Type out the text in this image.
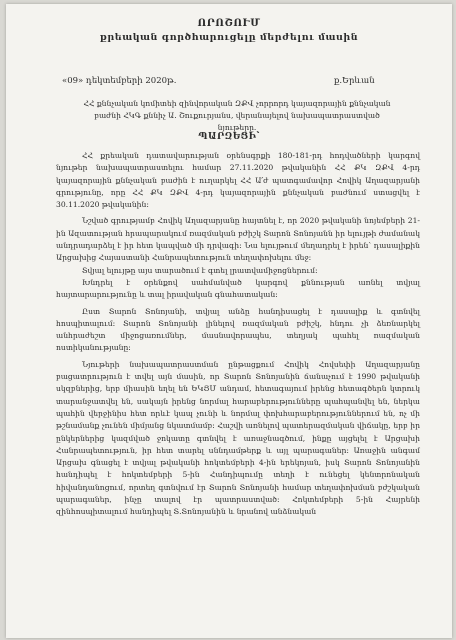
ՈՐՈՇՈՒՄ
քրեական գործհարուցելը մերժելու մասին
«09» դեկտեմբերի 2020թ.	ք.Երևան
ՀՀ քննչական կոմիտեի զինվորական ԶՔՎ չորրորդ կայազորային քննչական բաժնի ՀԿԳ քննիչ Ա. Շուքուրյանս, վերանայելով նախապատրաստված նյութերը.
ՊԱՐԶԵՑԻ՝

ՀՀ քրեական դատավարության օրենսգրքի 180-181-րդ հոդվածների կարգով նյութեր նախապատրաստելու համար 27.11.2020 թվականին ՀՀ ՔԿ ԶՔՎ 4-րդ կայազորային քննչական բաժին է ուղարկել ՀՀ Ա՛ժ պատգամավոր Հովիկ Աղազարյանի գրությունը, որը ՀՀ ՔԿ ԶՔՎ 4-րդ կայազորային քննչական բաժնում ստացվել է 30.11.2020 թվականին:

Նշված գրությամբ Հովիկ Աղազարյանը հայտնել է, որ 2020 թվականի նոյեմբերի 21-ին Ազատության հրապարակում ռազմական բժիշկ Տարոն Տոնոյանն իր ելույթի ժամանակ անդրադարձել է իր հետ կապված մի դրվագի: Նա ելույթում մեղադրել է իրեն՝ դասալիքին Արցախից Հայաստանի Հանրապետություն տեղափոխելու մեջ:

Տվյալ ելույթը այս տարածում է գտել լրատվամիջոցներում:

Խնդրել է օրենքով սահմանված կարգով քննության առնել տվյալ հայտարարությունը և տալ իրավական գնահատական:

Ըստ Տարոն Տոնոյանի, տվյալ անձը հանդիսացել է դասալիք և գտնվել հոսպիտալում: Տարոն Տոնոյանի լինելով ռազմական բժիշկ, հնդու չի ձեռնարկել անհրաժեշտ միջոցառումներ, մասնավորապես, տեղյակ պահել ռազմական ոստիկանությանը:

Նյութերի նախապատրաստման ընթացքում Հովիկ Հովսեփի Աղազարյանը բացատրություն է տվել այն մասին, որ Տարոն Տոնոյանին ճանաչում է 1990 թվականի սկզբներից, երբ միասին եղել են ԵԿՅՄ անդամ, հետագայում իրենց հետագծերն կտրուկ տարանջատվել են, սակայն իրենց նորմալ հարաբերությունները պահպանվել են, ներկա պահին վերջինիս հետ որևէ կապ չունի և նորմալ փոխհարաբերություններում են, ոչ մի թշնամանք չունեն միմյանց նկատմամբ: Հաշվի առնելով պատերազմական վիճակը, երբ իր ընկերներից կազմված ջոկատը գտնվել է առաջնագծում, ինքը այցելել է Արցախի Հանրապետություն, իր հետ տարել սննդամթերք և այլ պարագաներ: Առաջին անգամ Արցախ գնացել է տվյալ թվականի հոկտեմբերի 4-ին երեկոյան, իսկ Տարոն Տոնոյանին հանդիպել է հոկտեմբերի 5-ին Հանդիպումը տեղի է ունեցել կենտրոնական հիվանդանոցում, որտեղ գտնվում էր Տարոն Տոնոյանի համար տեղափոխման բժշկական պարագաներ, ինչը տալով էր պատրաստված: Հոկտեմբերի 5-ին Հայրենի զինհոսպիտալում հանդիպել Տ.Տոնոյանին և նրանով անձնական
